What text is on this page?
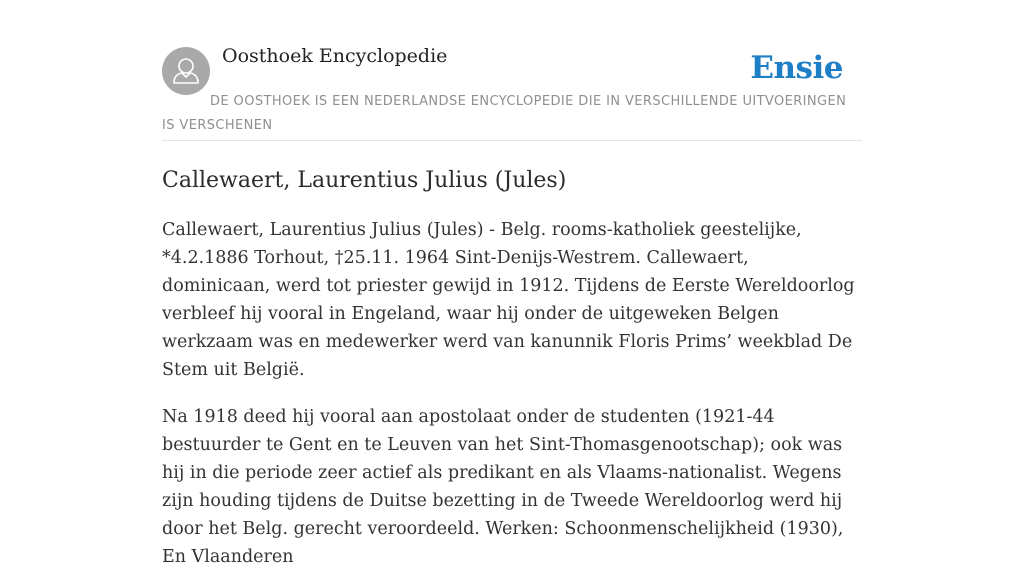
Oosthoek Encyclopedie	Ensie

DE OOSTHOEK IS EEN NEDERLANDSE ENCYCLOPEDIE DIE IN VERSCHILLENDE UITVOERINGEN IS VERSCHENEN

Callewaert, Laurentius Julius (Jules)

Callewaert, Laurentius Julius (Jules) - Belg. rooms-katholiek geestelijke, *4.2.1886 Torhout, †25.11. 1964 Sint-Denijs-Westrem. Callewaert, dominicaan, werd tot priester gewijd in 1912. Tijdens de Eerste Wereldoorlog verbleef hij vooral in Engeland, waar hij onder de uitgeweken Belgen werkzaam was en medewerker werd van kanunnik Floris Prims’ weekblad De Stem uit België.

Na 1918 deed hij vooral aan apostolaat onder de studenten (1921-44 bestuurder te Gent en te Leuven van het Sint-Thomasgenootschap); ook was hij in die periode zeer actief als predikant en als Vlaams-nationalist. Wegens zijn houding tijdens de Duitse bezetting in de Tweede Wereldoorlog werd hij door het Belg. gerecht veroordeeld. Werken: Schoonmenschelijkheid (1930), En Vlaanderen
